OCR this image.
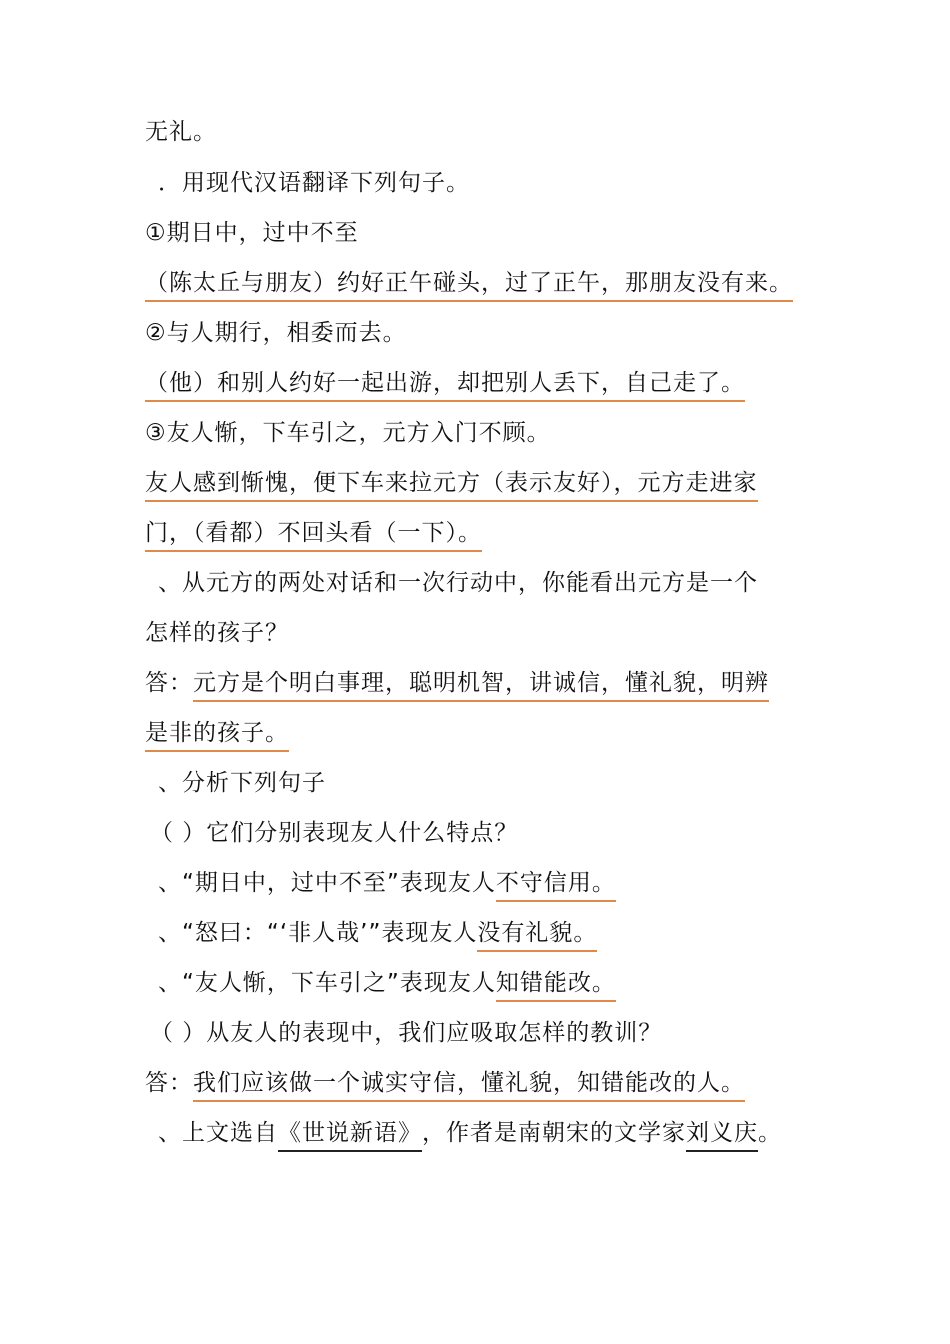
无礼。
．用现代汉语翻译下列句子。
①期日中，过中不至
（陈太丘与朋友）约好正午碰头，过了正午，那朋友没有来。
②与人期行，相委而去。
（他）和别人约好一起出游，却把别人丢下，自己走了。
③友人惭，下车引之，元方入门不顾。
友人感到惭愧，便下车来拉元方（表示友好），元方走进家
门，（看都）不回头看（一下）。
、从元方的两处对话和一次行动中，你能看出元方是一个
怎样的孩子？
答：元方是个明白事理，聪明机智，讲诚信，懂礼貌，明辨
是非的孩子。
、分析下列句子
（ ）它们分别表现友人什么特点？
、“期日中，过中不至”表现友人不守信用。
、“怒曰：“‘非人哉’”表现友人没有礼貌。
、“友人惭，下车引之”表现友人知错能改。
（ ）从友人的表现中，我们应吸取怎样的教训？
答：我们应该做一个诚实守信，懂礼貌，知错能改的人。
、上文选自《世说新语》，作者是南朝宋的文学家刘义庆。
